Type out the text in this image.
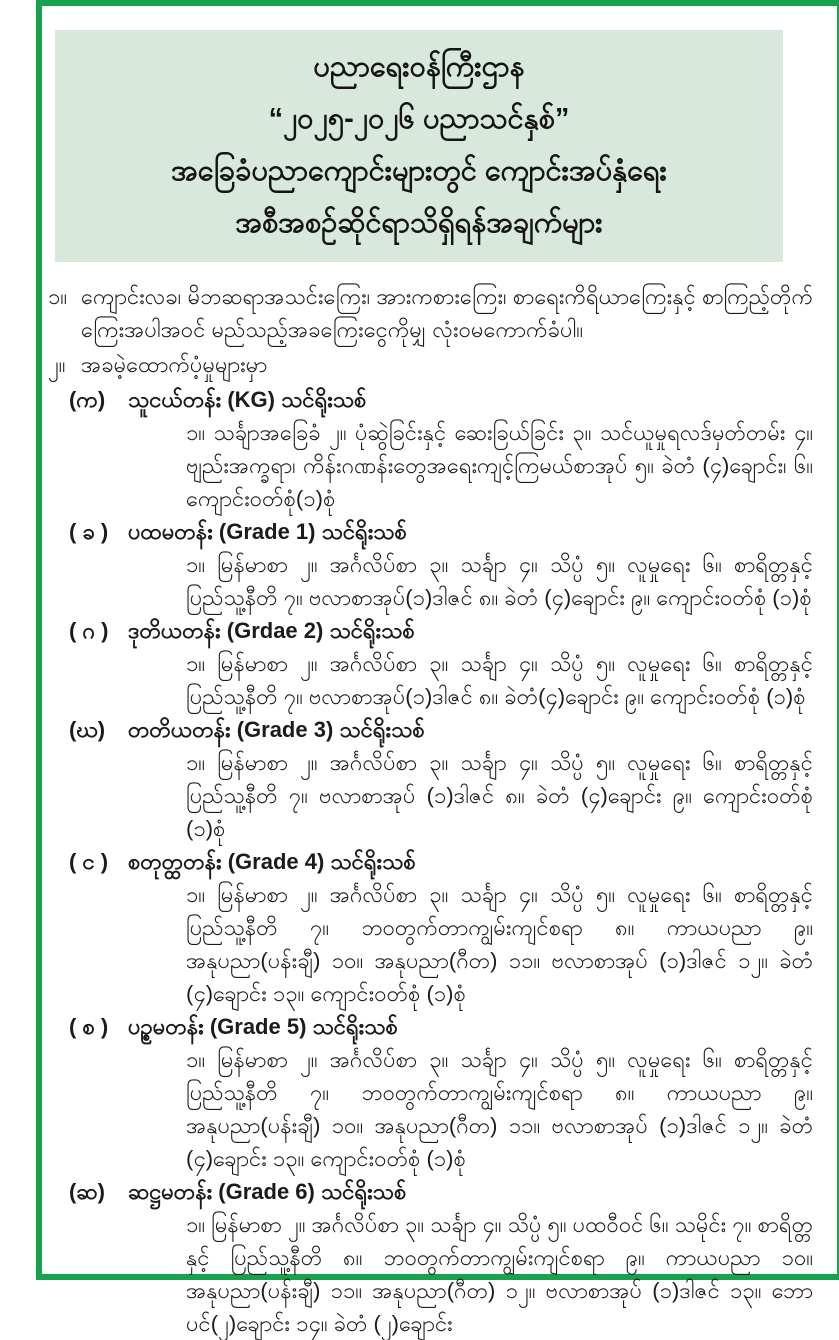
ပညာရေးဝန်ကြီးဌာန
“၂၀၂၅-၂၀၂၆ ပညာသင်နှစ်”
အခြေခံပညာကျောင်းများတွင် ကျောင်းအပ်နှံရေး
အစီအစဉ်ဆိုင်ရာသိရှိရန်အချက်များ
၁။ ကျောင်းလခ၊ မိဘဆရာအသင်းကြေး၊ အားကစားကြေး၊ စာရေးကိရိယာကြေးနှင့် စာကြည့်တိုက်ကြေးအပါအဝင် မည်သည့်အခကြေးငွေကိုမျှ လုံးဝမကောက်ခံပါ။
၂။ အခမဲ့ထောက်ပံ့မှုများမှာ
(က)	သူငယ်တန်း (KG) သင်ရိုးသစ်
၁။ သင်္ချာအခြေခံ ၂။ ပုံဆွဲခြင်းနှင့် ဆေးခြယ်ခြင်း ၃။ သင်ယူမှုရလဒ်မှတ်တမ်း ၄။ ဗျည်းအက္ခရာ၊ ကိန်းဂဏန်းတွေအရေးကျင့်ကြမယ်စာအုပ် ၅။ ခဲတံ (၄)ချောင်း၊ ၆။ ကျောင်းဝတ်စုံ(၁)စုံ
( ခ ) ပထမတန်း (Grade 1) သင်ရိုးသစ်
၁။ မြန်မာစာ ၂။ အင်္ဂလိပ်စာ ၃။ သင်္ချာ ၄။ သိပ္ပံ ၅။ လူမှုရေး ၆။ စာရိတ္တနှင့် ပြည်သူ့နီတိ ၇။ ဗလာစာအုပ်(၁)ဒါဇင် ၈။ ခဲတံ (၄)ချောင်း ၉။ ကျောင်းဝတ်စုံ (၁)စုံ
( ဂ ) ဒုတိယတန်း (Grdae 2) သင်ရိုးသစ်
၁။ မြန်မာစာ ၂။ အင်္ဂလိပ်စာ ၃။ သင်္ချာ ၄။ သိပ္ပံ ၅။ လူမှုရေး ၆။ စာရိတ္တနှင့် ပြည်သူ့နီတိ ၇။ ဗလာစာအုပ်(၁)ဒါဇင် ၈။ ခဲတံ(၄)ချောင်း ၉။ ကျောင်းဝတ်စုံ (၁)စုံ
(ဃ)	တတိယတန်း (Grade 3) သင်ရိုးသစ်
၁။ မြန်မာစာ ၂။ အင်္ဂလိပ်စာ ၃။ သင်္ချာ ၄။ သိပ္ပံ ၅။ လူမှုရေး ၆။ စာရိတ္တနှင့် ပြည်သူ့နီတိ ၇။ ဗလာစာအုပ် (၁)ဒါဇင် ၈။ ခဲတံ (၄)ချောင်း ၉။ ကျောင်းဝတ်စုံ (၁)စုံ
( င ) စတုတ္ထတန်း (Grade 4) သင်ရိုးသစ်
၁။ မြန်မာစာ ၂။ အင်္ဂလိပ်စာ ၃။ သင်္ချာ ၄။ သိပ္ပံ ၅။ လူမှုရေး ၆။ စာရိတ္တနှင့် ပြည်သူ့နီတိ ၇။ ဘဝတွက်တာကျွမ်းကျင်စရာ ၈။ ကာယပညာ ၉။ အနုပညာ(ပန်းချီ) ၁၀။ အနုပညာ(ဂီတ) ၁၁။ ဗလာစာအုပ် (၁)ဒါဇင် ၁၂။ ခဲတံ (၄)ချောင်း ၁၃။ ကျောင်းဝတ်စုံ (၁)စုံ
( စ ) ပဉ္စမတန်း (Grade 5) သင်ရိုးသစ်
၁။ မြန်မာစာ ၂။ အင်္ဂလိပ်စာ ၃။ သင်္ချာ ၄။ သိပ္ပံ ၅။ လူမှုရေး ၆။ စာရိတ္တနှင့် ပြည်သူ့နီတိ ၇။ ဘဝတွက်တာကျွမ်းကျင်စရာ ၈။ ကာယပညာ ၉။ အနုပညာ(ပန်းချီ) ၁၀။ အနုပညာ(ဂီတ) ၁၁။ ဗလာစာအုပ် (၁)ဒါဇင် ၁၂။ ခဲတံ (၄)ချောင်း ၁၃။ ကျောင်းဝတ်စုံ (၁)စုံ
(ဆ)	ဆဋ္ဌမတန်း (Grade 6) သင်ရိုးသစ်
၁။ မြန်မာစာ ၂။ အင်္ဂလိပ်စာ ၃။ သင်္ချာ ၄။ သိပ္ပံ ၅။ ပထဝီဝင် ၆။ သမိုင်း ၇။ စာရိတ္တနှင့် ပြည်သူ့နီတိ ၈။ ဘဝတွက်တာကျွမ်းကျင်စရာ ၉။ ကာယပညာ ၁၀။ အနုပညာ(ပန်းချီ) ၁၁။ အနုပညာ(ဂီတ) ၁၂။ ဗလာစာအုပ် (၁)ဒါဇင် ၁၃။ ဘောပင်(၂)ချောင်း ၁၄။ ခဲတံ (၂)ချောင်း
